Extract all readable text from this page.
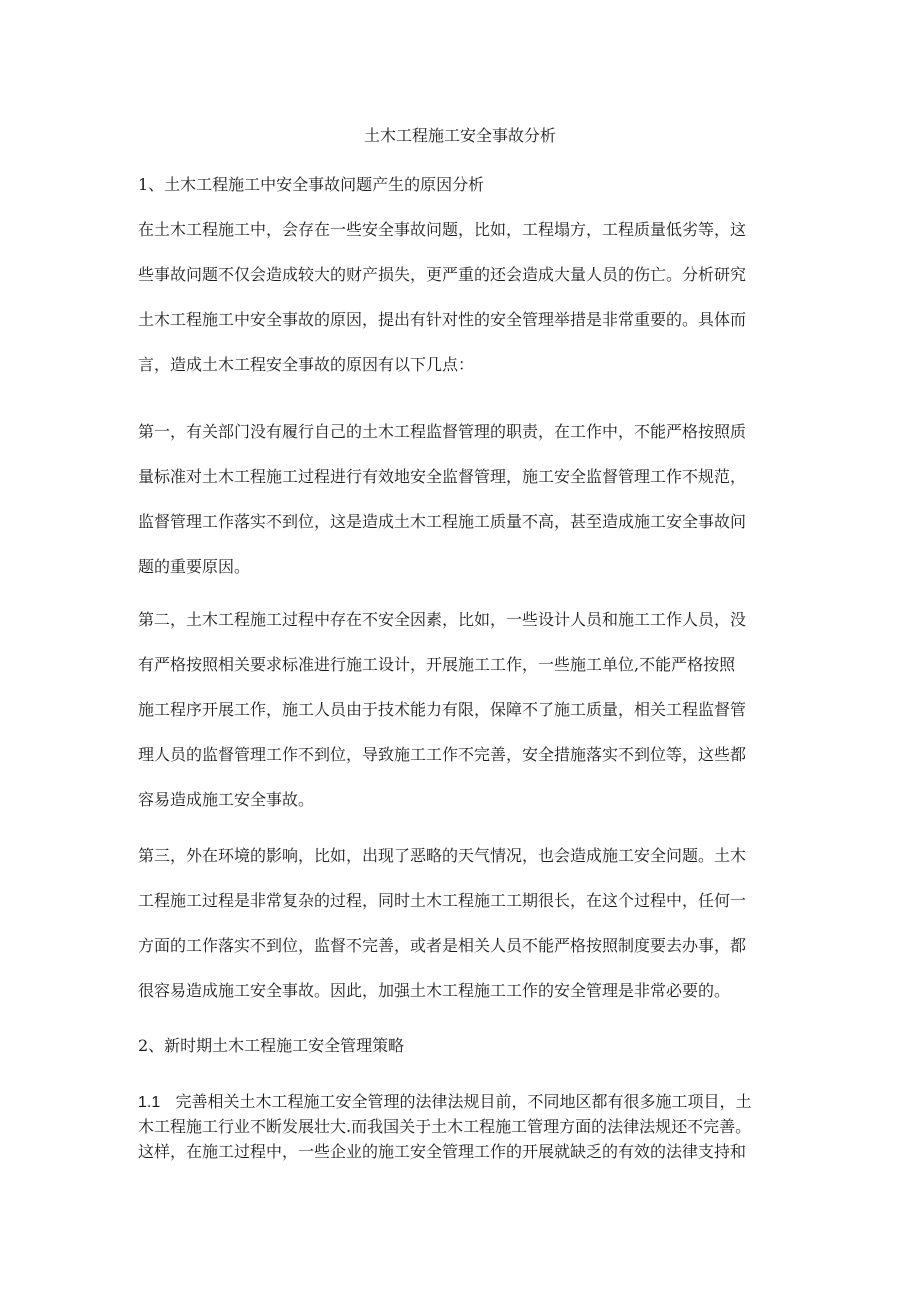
土木工程施工安全事故分析
1、土木工程施工中安全事故问题产生的原因分析
在土木工程施工中，会存在一些安全事故问题，比如，工程塌方，工程质量低劣等，这
些事故问题不仅会造成较大的财产损失，更严重的还会造成大量人员的伤亡。分析研究
土木工程施工中安全事故的原因，提出有针对性的安全管理举措是非常重要的。具体而
言，造成土木工程安全事故的原因有以下几点：
第一，有关部门没有履行自己的土木工程监督管理的职责，在工作中，不能严格按照质
量标准对土木工程施工过程进行有效地安全监督管理，施工安全监督管理工作不规范，
监督管理工作落实不到位，这是造成土木工程施工质量不高，甚至造成施工安全事故问
题的重要原因。
第二，土木工程施工过程中存在不安全因素，比如，一些设计人员和施工工作人员，没
有严格按照相关要求标准进行施工设计，开展施工工作，一些施工单位,不能严格按照
施工程序开展工作，施工人员由于技术能力有限，保障不了施工质量，相关工程监督管
理人员的监督管理工作不到位，导致施工工作不完善，安全措施落实不到位等，这些都
容易造成施工安全事故。
第三，外在环境的影响，比如，出现了恶略的天气情况，也会造成施工安全问题。土木
工程施工过程是非常复杂的过程，同时土木工程施工工期很长，在这个过程中，任何一
方面的工作落实不到位，监督不完善，或者是相关人员不能严格按照制度要去办事，都
很容易造成施工安全事故。因此，加强土木工程施工工作的安全管理是非常必要的。
2、新时期土木工程施工安全管理策略
1.1 完善相关土木工程施工安全管理的法律法规目前，不同地区都有很多施工项目，土
木工程施工行业不断发展壮大.而我国关于土木工程施工管理方面的法律法规还不完善。
这样，在施工过程中，一些企业的施工安全管理工作的开展就缺乏的有效的法律支持和
